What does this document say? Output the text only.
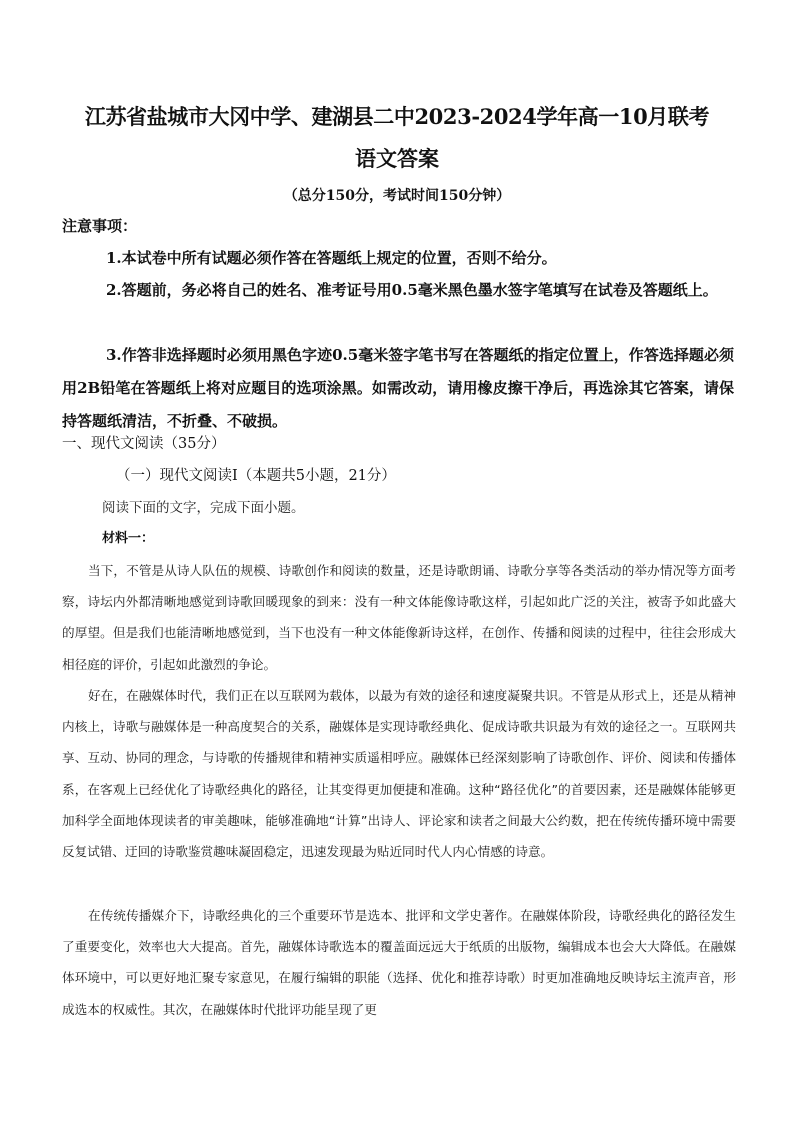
江苏省盐城市大冈中学、建湖县二中2023-2024学年高一10月联考
语文答案
（总分150分，考试时间150分钟）
注意事项：
1.本试卷中所有试题必须作答在答题纸上规定的位置，否则不给分。
2.答题前，务必将自己的姓名、准考证号用0.5毫米黑色墨水签字笔填写在试卷及答题纸上。
3.作答非选择题时必须用黑色字迹0.5毫米签字笔书写在答题纸的指定位置上，作答选择题必须用2B铅笔在答题纸上将对应题目的选项涂黑。如需改动，请用橡皮擦干净后，再选涂其它答案，请保持答题纸清洁，不折叠、不破损。
一、现代文阅读（35分）
（一）现代文阅读Ⅰ（本题共5小题，21分）
阅读下面的文字，完成下面小题。
材料一：
当下，不管是从诗人队伍的规模、诗歌创作和阅读的数量，还是诗歌朗诵、诗歌分享等各类活动的举办情况等方面考察，诗坛内外都清晰地感觉到诗歌回暖现象的到来：没有一种文体能像诗歌这样，引起如此广泛的关注，被寄予如此盛大的厚望。但是我们也能清晰地感觉到，当下也没有一种文体能像新诗这样，在创作、传播和阅读的过程中，往往会形成大相径庭的评价，引起如此激烈的争论。
好在，在融媒体时代，我们正在以互联网为载体，以最为有效的途径和速度凝聚共识。不管是从形式上，还是从精神内核上，诗歌与融媒体是一种高度契合的关系，融媒体是实现诗歌经典化、促成诗歌共识最为有效的途径之一。互联网共享、互动、协同的理念，与诗歌的传播规律和精神实质遥相呼应。融媒体已经深刻影响了诗歌创作、评价、阅读和传播体系，在客观上已经优化了诗歌经典化的路径，让其变得更加便捷和准确。这种“路径优化”的首要因素，还是融媒体能够更加科学全面地体现读者的审美趣味，能够准确地“计算”出诗人、评论家和读者之间最大公约数，把在传统传播环境中需要反复试错、迂回的诗歌鉴赏趣味凝固稳定，迅速发现最为贴近同时代人内心情感的诗意。
在传统传播媒介下，诗歌经典化的三个重要环节是选本、批评和文学史著作。在融媒体阶段，诗歌经典化的路径发生了重要变化，效率也大大提高。首先，融媒体诗歌选本的覆盖面远远大于纸质的出版物，编辑成本也会大大降低。在融媒体环境中，可以更好地汇聚专家意见，在履行编辑的职能（选择、优化和推荐诗歌）时更加准确地反映诗坛主流声音，形成选本的权威性。其次，在融媒体时代批评功能呈现了更
